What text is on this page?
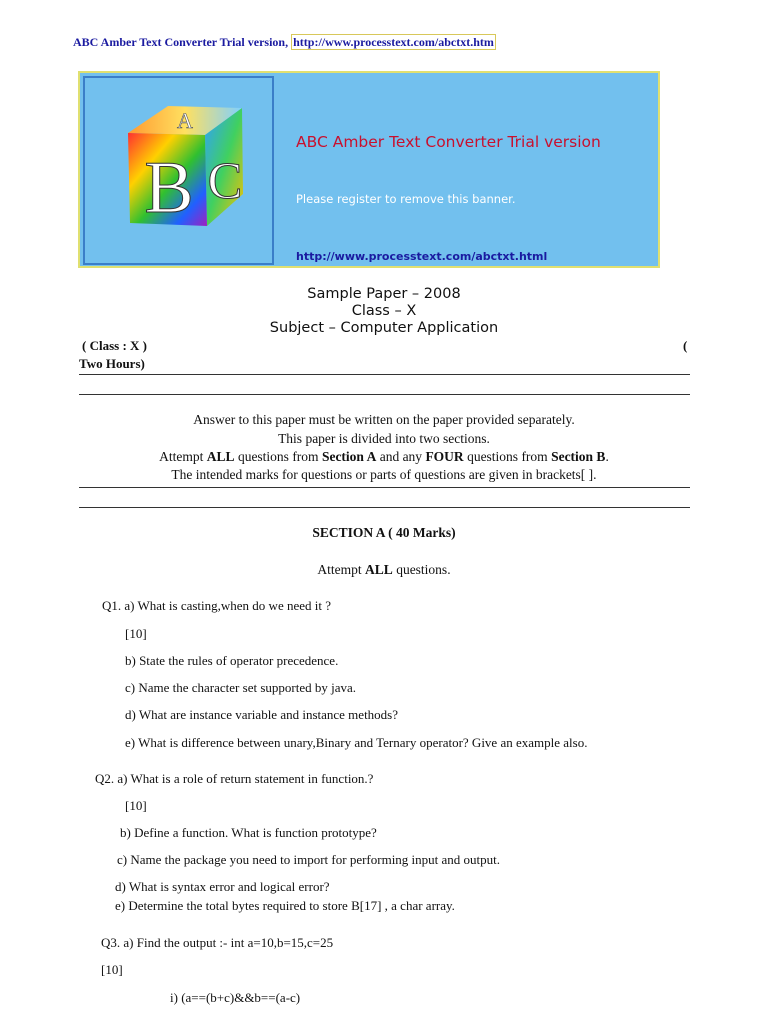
ABC Amber Text Converter Trial version, http://www.processtext.com/abctxt.htm
B C
A
ABC Amber Text Converter Trial version
Please register to remove this banner.
http://www.processtext.com/abctxt.html
Sample Paper – 2008
Class – X
Subject – Computer Application
( Class : X )	(
Two Hours)
Answer to this paper must be written on the paper provided separately.
This paper is divided into two sections.
Attempt ALL questions from Section A and any FOUR questions from Section B.
The intended marks for questions or parts of questions are given in brackets[ ].
SECTION A ( 40 Marks)
Attempt ALL questions.
Q1. a) What is casting,when do we need it ?
[10]
b) State the rules of operator precedence.
c) Name the character set supported by java.
d) What are instance variable and instance methods?
e) What is difference between unary,Binary and Ternary operator? Give an example also.
Q2. a) What is a role of return statement in function.?
[10]
b) Define a function. What is function prototype?
c) Name the package you need to import for performing input and output.
d) What is syntax error and logical error?
e) Determine the total bytes required to store B[17] , a char array.
Q3. a) Find the output :- int a=10,b=15,c=25
[10]
i) (a==(b+c)&&b==(a-c)
